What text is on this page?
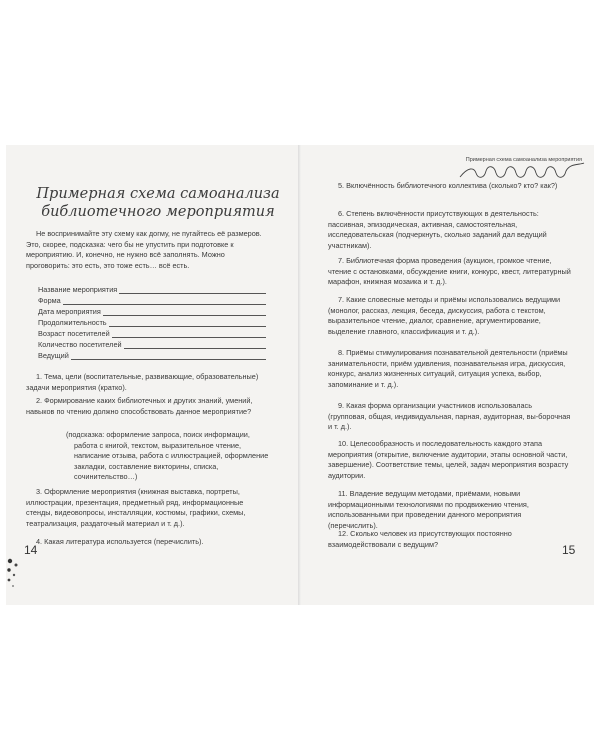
Примерная схема самоанализа библиотечного мероприятия

Не воспринимайте эту схему как догму, не пугайтесь её размеров. Это, скорее, подсказка: чего бы не упустить при подготовке к мероприятию. И, конечно, не нужно всё заполнять. Можно проговорить: это есть, это тоже есть… всё есть.

Название мероприятия
Форма
Дата мероприятия
Продолжительность
Возраст посетителей
Количество посетителей
Ведущий

1. Тема, цели (воспитательные, развивающие, образовательные) задачи мероприятия (кратко).

2. Формирование каких библиотечных и других знаний, умений, навыков по чтению должно способствовать данное мероприятие?

(подсказка: оформление запроса, поиск информации, работа с книгой, текстом, выразительное чтение, написание отзыва, работа с иллюстрацией, оформление закладки, составление викторины, списка, сочинительство…)

3. Оформление мероприятия (книжная выставка, портреты, иллюстрации, презентация, предметный ряд, информационные стенды, видеовопросы, инсталляции, костюмы, графики, схемы, театрализация, раздаточный материал и т. д.).

4. Какая литература используется (перечислить).

14
Примерная схема самоанализа мероприятия

5. Включённость библиотечного коллектива (сколько? кто? как?)

6. Степень включённости присутствующих в деятельность: пассивная, эпизодическая, активная, самостоятельная, исследовательская (подчеркнуть, сколько заданий дал ведущий участникам).

7. Библиотечная форма проведения (аукцион, громкое чтение, чтение с остановками, обсуждение книги, конкурс, квест, литературный марафон, книжная мозаика и т. д.).

7. Какие словесные методы и приёмы использовались ведущими (монолог, рассказ, лекция, беседа, дискуссия, работа с текстом, выразительное чтение, диалог, сравнение, аргументирование, выделение главного, классификация и т. д.).

8. Приёмы стимулирования познавательной деятельности (приёмы занимательности, приём удивления, познавательная игра, дискуссия, конкурс, анализ жизненных ситуаций, ситуация успеха, выбор, запоминание и т. д.).

9. Какая форма организации участников использовалась (групповая, общая, индивидуальная, парная, аудиторная, вы-борочная и т. д.).

10. Целесообразность и последовательность каждого этапа мероприятия (открытие, включение аудитории, этапы основной части, завершение). Соответствие темы, целей, задач мероприятия возрасту аудитории.

11. Владение ведущим методами, приёмами, новыми информационными технологиями по продвижению чтения, использованными при проведении данного мероприятия (перечислить).

12. Сколько человек из присутствующих постоянно взаимодействовали с ведущим?	15
